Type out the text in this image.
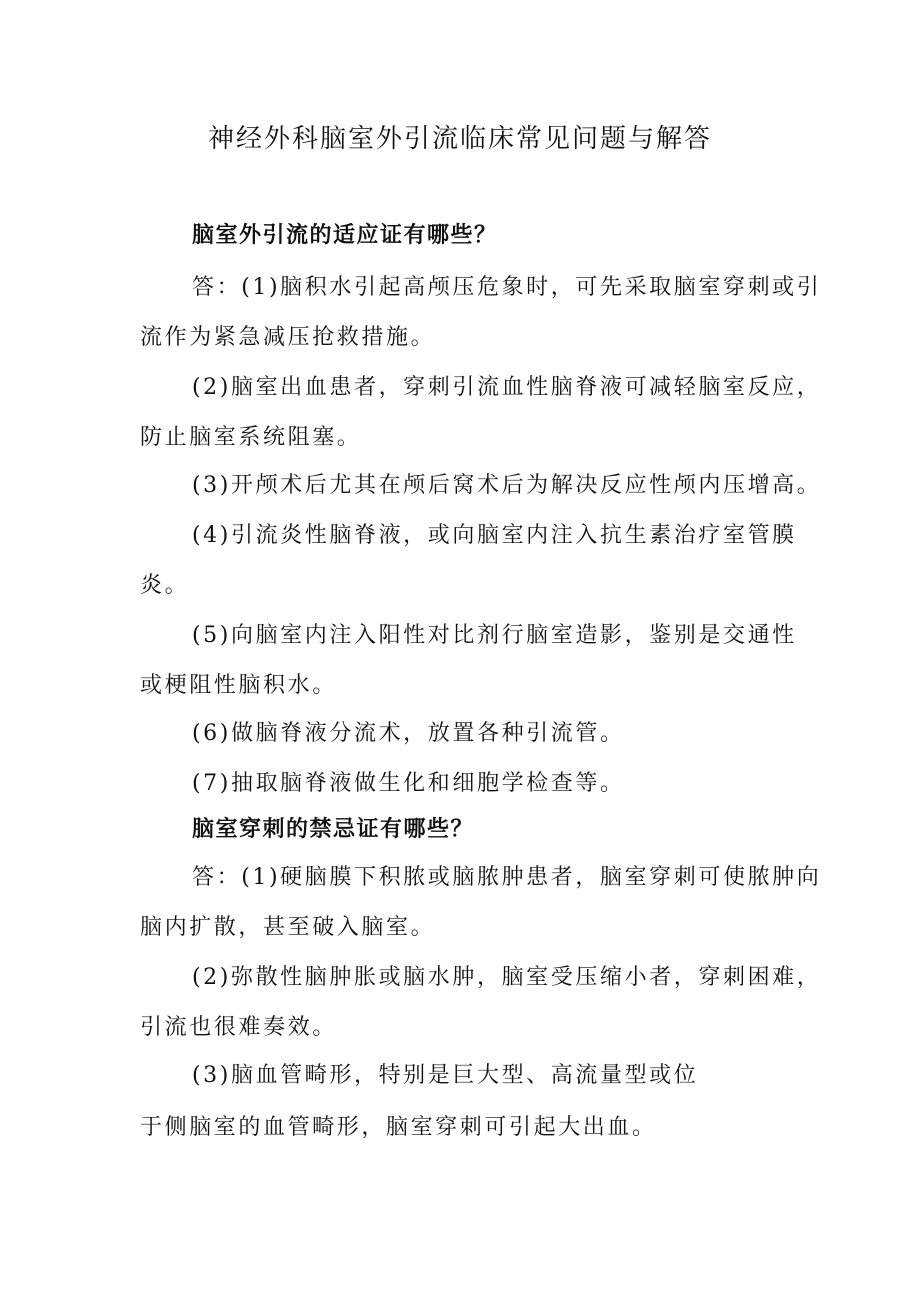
神经外科脑室外引流临床常见问题与解答

脑室外引流的适应证有哪些？

答：(1)脑积水引起高颅压危象时，可先采取脑室穿刺或引

流作为紧急减压抢救措施。

(2)脑室出血患者，穿刺引流血性脑脊液可减轻脑室反应，

防止脑室系统阻塞。

(3)开颅术后尤其在颅后窝术后为解决反应性颅内压增高。

(4)引流炎性脑脊液，或向脑室内注入抗生素治疗室管膜

炎。

(5)向脑室内注入阳性对比剂行脑室造影，鉴别是交通性

或梗阻性脑积水。

(6)做脑脊液分流术，放置各种引流管。

(7)抽取脑脊液做生化和细胞学检查等。

脑室穿刺的禁忌证有哪些？

答：(1)硬脑膜下积脓或脑脓肿患者，脑室穿刺可使脓肿向

脑内扩散，甚至破入脑室。

(2)弥散性脑肿胀或脑水肿，脑室受压缩小者，穿刺困难，

引流也很难奏效。

(3)脑血管畸形，特别是巨大型、高流量型或位

于侧脑室的血管畸形，脑室穿刺可引起大出血。
